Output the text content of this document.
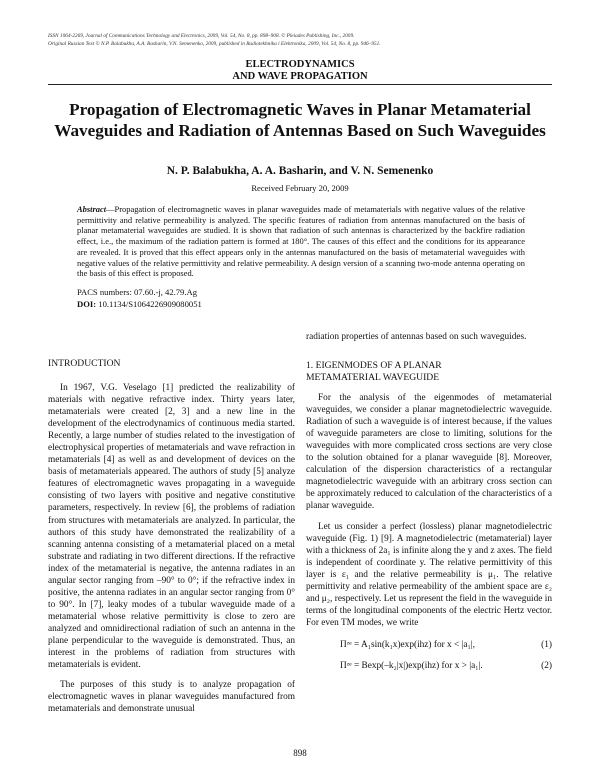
ISSN 1064-2269, Journal of Communications Technology and Electronics, 2009, Vol. 54, No. 8, pp. 898–908. © Pleiades Publishing, Inc., 2009.
Original Russian Text © N.P. Balabukha, A.A. Basharin, V.N. Semenenko, 2009, published in Radiotekhnika i Elektronika, 2009, Vol. 54, No. 8, pp. 946–951.
ELECTRODYNAMICS
AND WAVE PROPAGATION
Propagation of Electromagnetic Waves in Planar Metamaterial Waveguides and Radiation of Antennas Based on Such Waveguides
N. P. Balabukha, A. A. Basharin, and V. N. Semenenko
Received February 20, 2009

Abstract—Propagation of electromagnetic waves in planar waveguides made of metamaterials with negative values of the relative permittivity and relative permeability is analyzed. The specific features of radiation from antennas manufactured on the basis of planar metamaterial waveguides are studied. It is shown that radiation of such antennas is characterized by the backfire radiation effect, i.e., the maximum of the radiation pattern is formed at 180°. The causes of this effect and the conditions for its appearance are revealed. It is proved that this effect appears only in the antennas manufactured on the basis of metamaterial waveguides with negative values of the relative permittivity and relative permeability. A design version of a scanning two-mode antenna operating on the basis of this effect is proposed.

PACS numbers: 07.60.-j, 42.79.Ag
DOI: 10.1134/S1064226909080051

INTRODUCTION

In 1967, V.G. Veselago [1] predicted the realizability of materials with negative refractive index. Thirty years later, metamaterials were created [2, 3] and a new line in the development of the electrodynamics of continuous media started. Recently, a large number of studies related to the investigation of electrophysical properties of metamaterials and wave refraction in metamaterials [4] as well as and development of devices on the basis of metamaterials appeared. The authors of study [5] analyze features of electromagnetic waves propagating in a waveguide consisting of two layers with positive and negative constitutive parameters, respectively. In review [6], the problems of radiation from structures with metamaterials are analyzed. In particular, the authors of this study have demonstrated the realizability of a scanning antenna consisting of a metamaterial placed on a metal substrate and radiating in two different directions. If the refractive index of the metamaterial is negative, the antenna radiates in an angular sector ranging from –90° to 0°; if the refractive index in positive, the antenna radiates in an angular sector ranging from 0° to 90°. In [7], leaky modes of a tubular waveguide made of a metamaterial whose relative permittivity is close to zero are analyzed and omnidirectional radiation of such an antenna in the plane perpendicular to the waveguide is demonstrated. Thus, an interest in the problems of radiation from structures with metamaterials is evident.

The purposes of this study is to analyze propagation of electromagnetic waves in planar waveguides manufactured from metamaterials and demonstrate unusual

radiation properties of antennas based on such waveguides.

1. EIGENMODES OF A PLANAR

METAMATERIAL WAVEGUIDE

For the analysis of the eigenmodes of metamaterial waveguides, we consider a planar magnetodielectric waveguide. Radiation of such a waveguide is of interest because, if the values of waveguide parameters are close to limiting, solutions for the waveguides with more complicated cross sections are very close to the solution obtained for a planar waveguide [8]. Moreover, calculation of the dispersion characteristics of a rectangular magnetodielectric waveguide with an arbitrary cross section can be approximately reduced to calculation of the characteristics of a planar waveguide.

Let us consider a perfect (lossless) planar magnetodielectric waveguide (Fig. 1) [9]. A magnetodielectric (metamaterial) layer with a thickness of 2a₁ is infinite along the y and z axes. The field is independent of coordinate y. The relative permittivity of this layer is ε₁ and the relative permeability is μ₁. The relative permittivity and relative permeability of the ambient space are ε₂ and μ₂, respectively. Let us represent the field in the waveguide in terms of the longitudinal components of the electric Hertz vector. For even TM modes, we write

Πᶻᵉ = A₁sin(k₁x)exp(ihz) for x < |a₁|,	(1)
Πᶻᵉ = Bexp(–k₂|x|)exp(ihz) for x > |a₁|.	(2)
898
